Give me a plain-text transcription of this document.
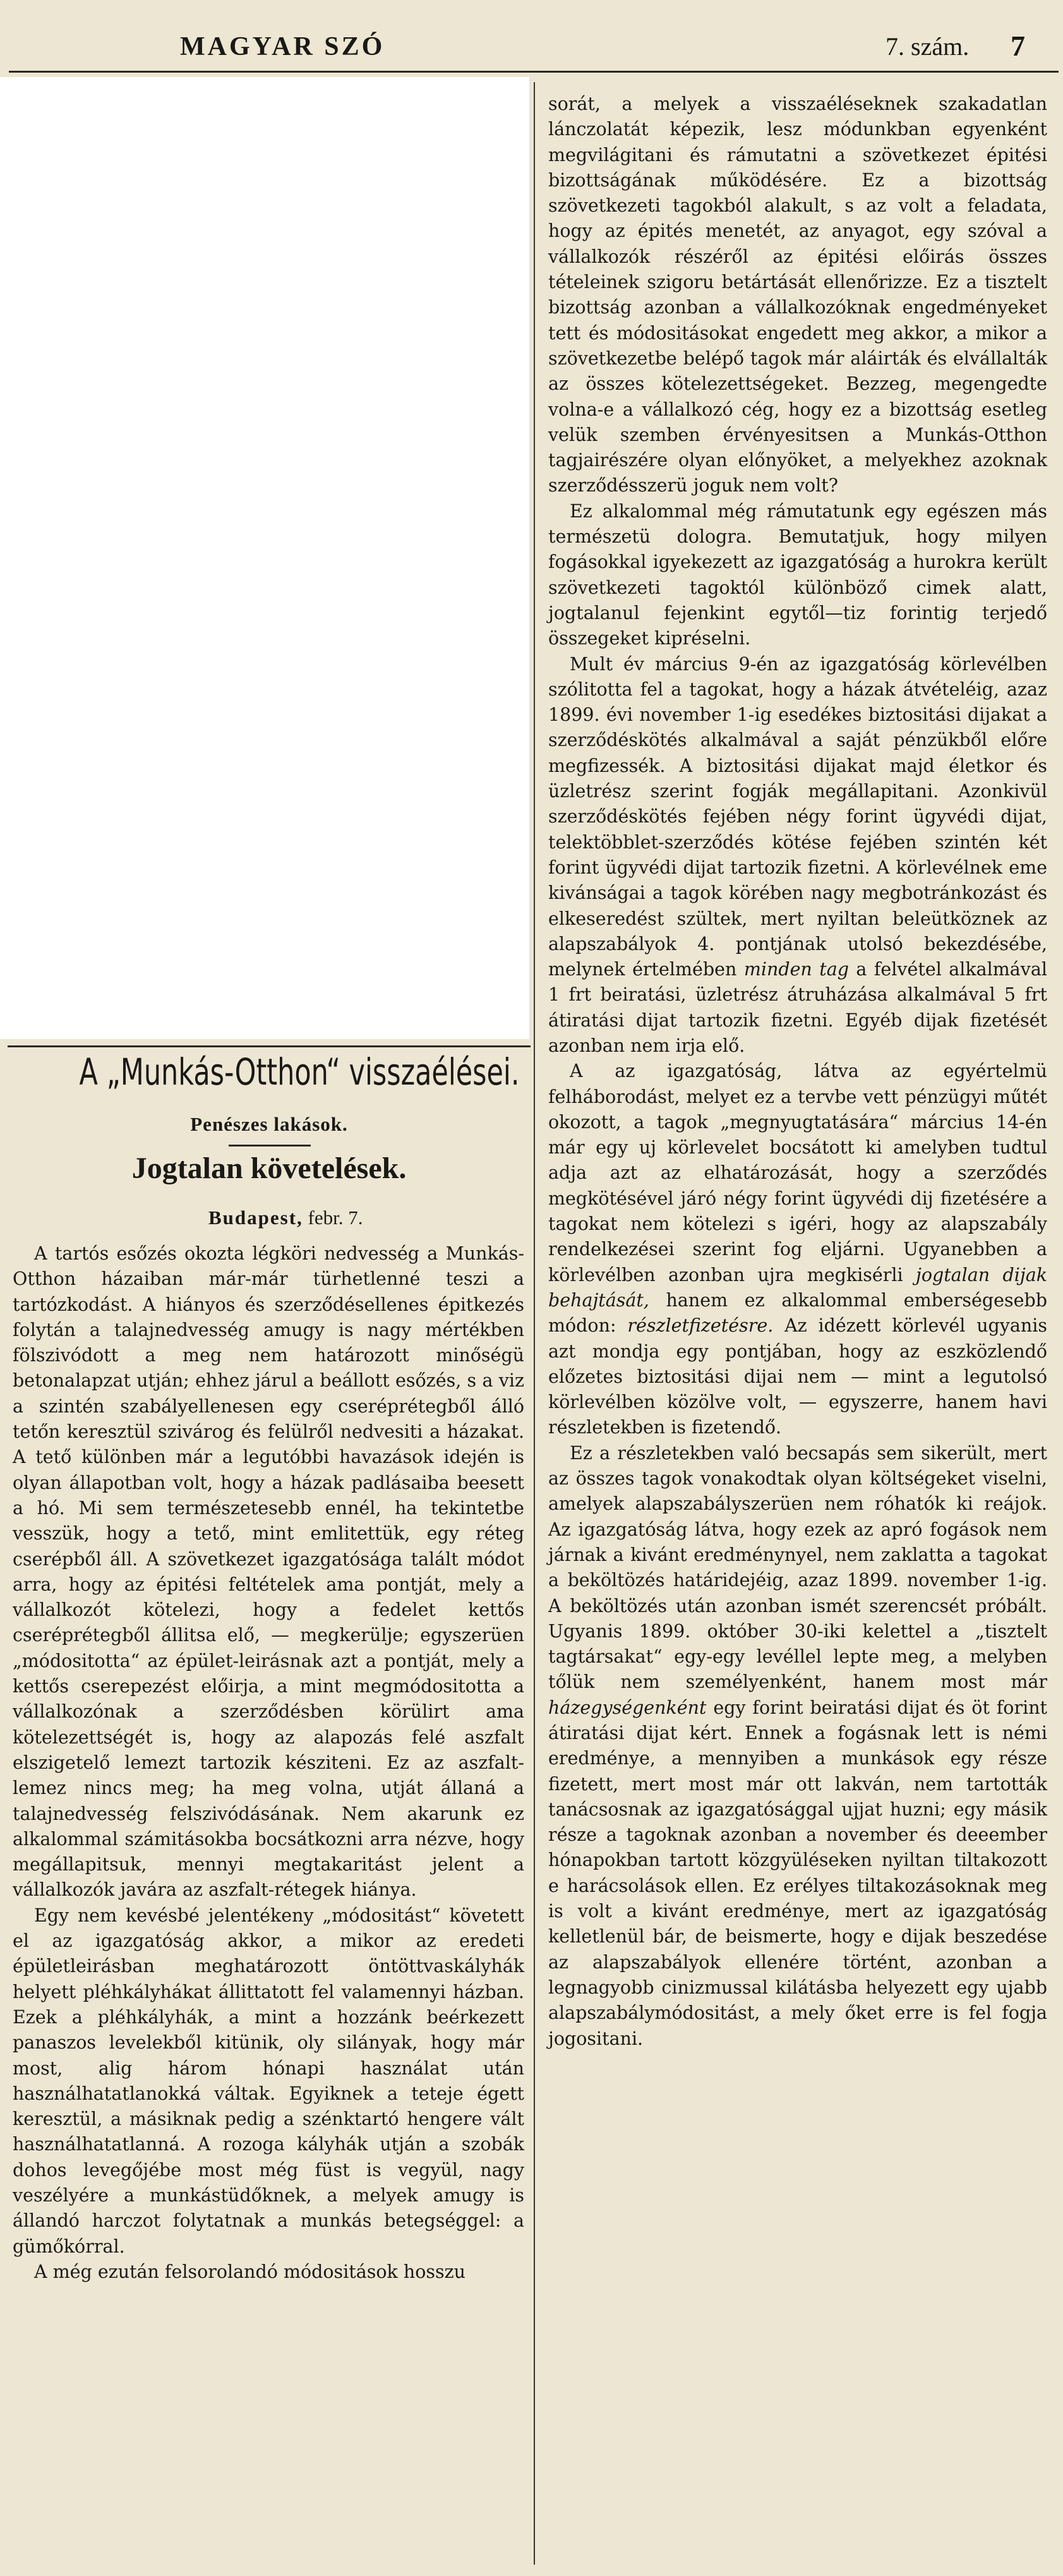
MAGYAR SZÓ	7. szám. 7
A „Munkás-Otthon“ visszaélései.
Penészes lakások.
Jogtalan követelések.
Budapest, febr. 7.

A tartós esőzés okozta légköri nedvesség a Munkás-Otthon házaiban már-már türhetlenné teszi a tartózkodást. A hiányos és szerződésellenes épitkezés folytán a talajnedvesség amugy is nagy mértékben fölszivódott a meg nem határozott minőségü betonalapzat utján; ehhez járul a beállott esőzés, s a viz a szintén szabályellenesen egy cseréprétegből álló tetőn keresztül szivárog és felülről nedvesiti a házakat. A tető különben már a legutóbbi havazások idején is olyan állapotban volt, hogy a házak padlásaiba beesett a hó. Mi sem természetesebb ennél, ha tekintetbe vesszük, hogy a tető, mint emlitettük, egy réteg cserépből áll. A szövetkezet igazgatósága talált módot arra, hogy az épitési feltételek ama pontját, mely a vállalkozót kötelezi, hogy a fedelet kettős cseréprétegből állitsa elő, — megkerülje; egyszerüen „módositotta“ az épület-leirásnak azt a pontját, mely a kettős cserepezést előirja, a mint megmódositotta a vállalkozónak a szerződésben körülirt ama kötelezettségét is, hogy az alapozás felé aszfalt elszigetelő lemezt tartozik késziteni. Ez az aszfalt-lemez nincs meg; ha meg volna, utját állaná a talajnedvesség felszivódásának. Nem akarunk ez alkalommal számitásokba bocsátkozni arra nézve, hogy megállapitsuk, mennyi megtakaritást jelent a vállalkozók javára az aszfalt-rétegek hiánya.

Egy nem kevésbé jelentékeny „módositást“ követett el az igazgatóság akkor, a mikor az eredeti épületleirásban meghatározott öntöttvaskályhák helyett pléhkályhákat állittatott fel valamennyi házban. Ezek a pléhkályhák, a mint a hozzánk beérkezett panaszos levelekből kitünik, oly silányak, hogy már most, alig három hónapi használat után használhatatlanokká váltak. Egyiknek a teteje égett keresztül, a másiknak pedig a szénktartó hengere vált használhatatlanná. A rozoga kályhák utján a szobák dohos levegőjébe most még füst is vegyül, nagy veszélyére a munkástüdőknek, a melyek amugy is állandó harczot folytatnak a munkás betegséggel: a gümőkórral.

A még ezután felsorolandó módositások hosszu

sorát, a melyek a visszaéléseknek szakadatlan lánczolatát képezik, lesz módunkban egyenként megvilágitani és rámutatni a szövetkezet épitési bizottságának működésére. Ez a bizottság szövetkezeti tagokból alakult, s az volt a feladata, hogy az épités menetét, az anyagot, egy szóval a vállalkozók részéről az épitési előirás összes tételeinek szigoru betártását ellenőrizze. Ez a tisztelt bizottság azonban a vállalkozóknak engedményeket tett és módositásokat engedett meg akkor, a mikor a szövetkezetbe belépő tagok már aláirták és elvállalták az összes kötelezettségeket. Bezzeg, megengedte volna-e a vállalkozó cég, hogy ez a bizottság esetleg velük szemben érvényesitsen a Munkás-Otthon tagjairészére olyan előnyöket, a melyekhez azoknak szerződésszerü joguk nem volt?

Ez alkalommal még rámutatunk egy egészen más természetü dologra. Bemutatjuk, hogy milyen fogásokkal igyekezett az igazgatóság a hurokra került szövetkezeti tagoktól különböző cimek alatt, jogtalanul fejenkint egytől—tiz forintig terjedő összegeket kipréselni.

Mult év március 9-én az igazgatóság körlevélben szólitotta fel a tagokat, hogy a házak átvételéig, azaz 1899. évi november 1-ig esedékes biztositási dijakat a szerződéskötés alkalmával a saját pénzükből előre megfizessék. A biztositási dijakat majd életkor és üzletrész szerint fogják megállapitani. Azonkivül szerződéskötés fejében négy forint ügyvédi dijat, telektöbblet-szerződés kötése fejében szintén két forint ügyvédi dijat tartozik fizetni. A körlevélnek eme kivánságai a tagok körében nagy megbotránkozást és elkeseredést szültek, mert nyiltan beleütköznek az alapszabályok 4. pontjának utolsó bekezdésébe, melynek értelmében minden tag a felvétel alkalmával 1 frt beiratási, üzletrész átruházása alkalmával 5 frt átiratási dijat tartozik fizetni. Egyéb dijak fizetését azonban nem irja elő.

A az igazgatóság, látva az egyértelmü felháborodást, melyet ez a tervbe vett pénzügyi műtét okozott, a tagok „megnyugtatására“ március 14-én már egy uj körlevelet bocsátott ki amelyben tudtul adja azt az elhatározását, hogy a szerződés megkötésével járó négy forint ügyvédi dij fizetésére a tagokat nem kötelezi s igéri, hogy az alapszabály rendelkezései szerint fog eljárni. Ugyanebben a körlevélben azonban ujra megkisérli jogtalan dijak behajtását, hanem ez alkalommal emberségesebb módon: részletfizetésre. Az idézett körlevél ugyanis azt mondja egy pontjában, hogy az eszközlendő előzetes biztositási dijai nem — mint a legutolsó körlevélben közölve volt, — egyszerre, hanem havi részletekben is fizetendő.

Ez a részletekben való becsapás sem sikerült, mert az összes tagok vonakodtak olyan költségeket viselni, amelyek alapszabályszerüen nem róhatók ki reájok. Az igazgatóság látva, hogy ezek az apró fogások nem járnak a kivánt eredménynyel, nem zaklatta a tagokat a beköltözés határidejéig, azaz 1899. november 1-ig. A beköltözés után azonban ismét szerencsét próbált. Ugyanis 1899. október 30-iki kelettel a „tisztelt tagtársakat“ egy-egy levéllel lepte meg, a melyben tőlük nem személyenként, hanem most már házegységenként egy forint beiratási dijat és öt forint átiratási dijat kért. Ennek a fogásnak lett is némi eredménye, a mennyiben a munkások egy része fizetett, mert most már ott lakván, nem tartották tanácsosnak az igazgatósággal ujjat huzni; egy másik része a tagoknak azonban a november és deeember hónapokban tartott közgyüléseken nyiltan tiltakozott e harácsolások ellen. Ez erélyes tiltakozásoknak meg is volt a kivánt eredménye, mert az igazgatóság kelletlenül bár, de beismerte, hogy e dijak beszedése az alapszabályok ellenére történt, azonban a legnagyobb cinizmussal kilátásba helyezett egy ujabb alapszabálymódositást, a mely őket erre is fel fogja jogositani.
